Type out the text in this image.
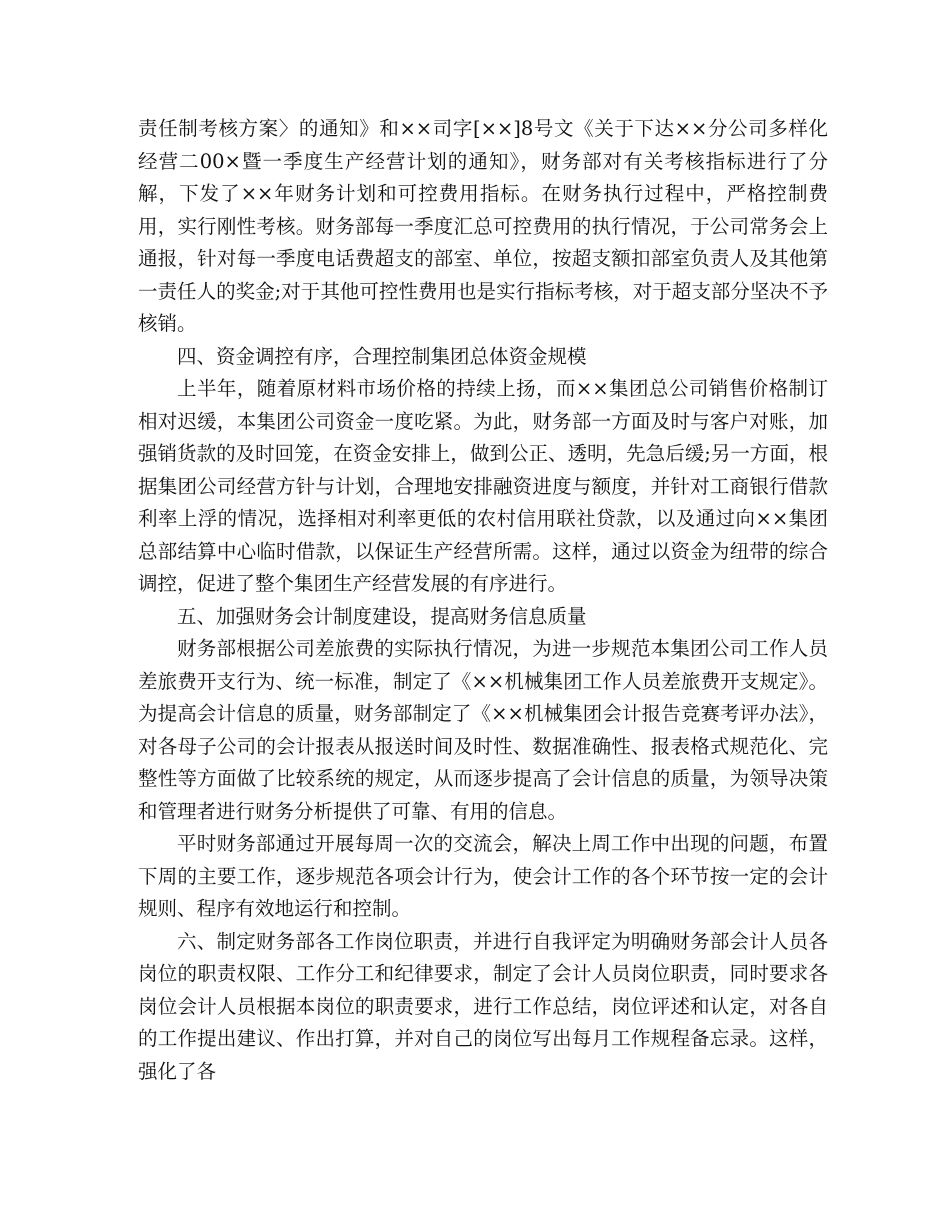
责任制考核方案〉的通知》和××司字[××]8号文《关于下达××分公司多样化经营二00×暨一季度生产经营计划的通知》，财务部对有关考核指标进行了分解，下发了××年财务计划和可控费用指标。在财务执行过程中，严格控制费用，实行刚性考核。财务部每一季度汇总可控费用的执行情况，于公司常务会上通报，针对每一季度电话费超支的部室、单位，按超支额扣部室负责人及其他第一责任人的奖金;对于其他可控性费用也是实行指标考核，对于超支部分坚决不予核销。

四、资金调控有序，合理控制集团总体资金规模

上半年，随着原材料市场价格的持续上扬，而××集团总公司销售价格制订相对迟缓，本集团公司资金一度吃紧。为此，财务部一方面及时与客户对账，加强销货款的及时回笼，在资金安排上，做到公正、透明，先急后缓;另一方面，根据集团公司经营方针与计划，合理地安排融资进度与额度，并针对工商银行借款利率上浮的情况，选择相对利率更低的农村信用联社贷款，以及通过向××集团总部结算中心临时借款，以保证生产经营所需。这样，通过以资金为纽带的综合调控，促进了整个集团生产经营发展的有序进行。

五、加强财务会计制度建设，提高财务信息质量

财务部根据公司差旅费的实际执行情况，为进一步规范本集团公司工作人员差旅费开支行为、统一标准，制定了《××机械集团工作人员差旅费开支规定》。为提高会计信息的质量，财务部制定了《××机械集团会计报告竞赛考评办法》，对各母子公司的会计报表从报送时间及时性、数据准确性、报表格式规范化、完整性等方面做了比较系统的规定，从而逐步提高了会计信息的质量，为领导决策和管理者进行财务分析提供了可靠、有用的信息。

平时财务部通过开展每周一次的交流会，解决上周工作中出现的问题，布置下周的主要工作，逐步规范各项会计行为，使会计工作的各个环节按一定的会计规则、程序有效地运行和控制。

六、制定财务部各工作岗位职责，并进行自我评定为明确财务部会计人员各岗位的职责权限、工作分工和纪律要求，制定了会计人员岗位职责，同时要求各岗位会计人员根据本岗位的职责要求，进行工作总结，岗位评述和认定，对各自的工作提出建议、作出打算，并对自己的岗位写出每月工作规程备忘录。这样，强化了各
